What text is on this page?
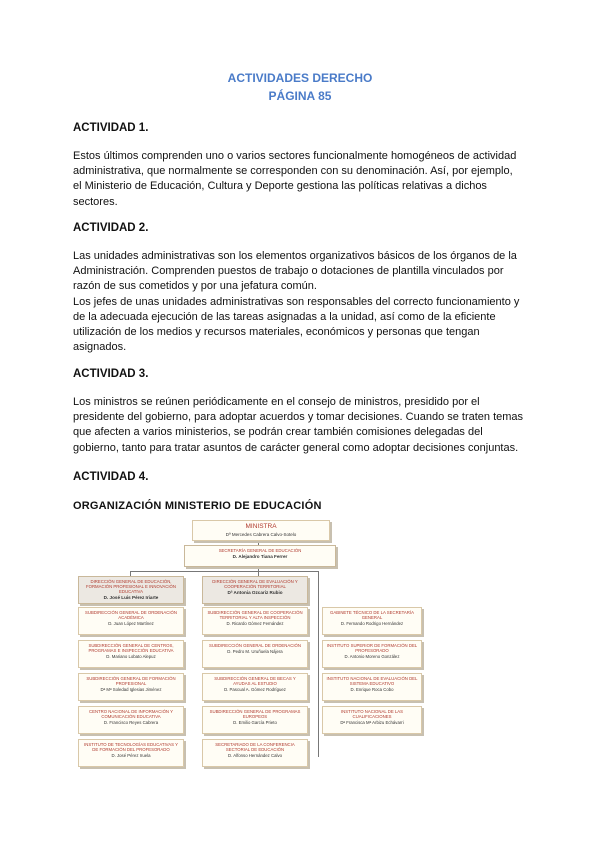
ACTIVIDADES DERECHO
PÁGINA 85
ACTIVIDAD 1.
Estos últimos comprenden uno o varios sectores funcionalmente homogéneos de actividad
administrativa, que normalmente se corresponden con su denominación. Así, por ejemplo,
el Ministerio de Educación, Cultura y Deporte gestiona las políticas relativas a dichos
sectores.
ACTIVIDAD 2.
Las unidades administrativas son los elementos organizativos básicos de los órganos de la
Administración. Comprenden puestos de trabajo o dotaciones de plantilla vinculados por
razón de sus cometidos y por una jefatura común.
Los jefes de unas unidades administrativas son responsables del correcto funcionamiento y
de la adecuada ejecución de las tareas asignadas a la unidad, así como de la eficiente
utilización de los medios y recursos materiales, económicos y personas que tengan
asignados.
ACTIVIDAD 3.
Los ministros se reúnen periódicamente en el consejo de ministros, presidido por el
presidente del gobierno, para adoptar acuerdos y tomar decisiones. Cuando se traten temas
que afecten a varios ministerios, se podrán crear también comisiones delegadas del
gobierno, tanto para tratar asuntos de carácter general como adoptar decisiones conjuntas.
ACTIVIDAD 4.
ORGANIZACIÓN MINISTERIO DE EDUCACIÓN
MINISTRA
Dª Mercedes Cabrera Calvo-Sotelo
SECRETARÍA GENERAL DE EDUCACIÓN
D. Alejandro Tiana Ferrer
DIRECCIÓN GENERAL DE EDUCACIÓN, FORMACIÓN PROFESIONAL E INNOVACIÓN EDUCATIVA
D. José Luis Pérez Iriarte
DIRECCIÓN GENERAL DE EVALUACIÓN Y COOPERACIÓN TERRITORIAL
Dª Antonia Ozcariz Rubio
SUBDIRECCIÓN GENERAL DE ORDENACIÓN ACADÉMICA
D. Juan López Martínez
SUBDIRECCIÓN GENERAL DE CENTROS, PROGRAMAS E INSPECCIÓN EDUCATIVA
D. Mariano Lobato Alepuz
SUBDIRECCIÓN GENERAL DE FORMACIÓN PROFESIONAL
Dª Mª Soledad Iglesias Jiménez
CENTRO NACIONAL DE INFORMACIÓN Y COMUNICACIÓN EDUCATIVA
D. Francisco Reyes Cabrera
INSTITUTO DE TECNOLOGÍAS EDUCATIVAS Y DE FORMACIÓN DEL PROFESORADO
D. José Pérez Iruela
SUBDIRECCIÓN GENERAL DE COOPERACIÓN TERRITORIAL Y ALTA INSPECCIÓN
D. Ricardo Gómez Fernández
SUBDIRECCIÓN GENERAL DE ORDENACIÓN
D. Pedro M. Uruñuela Nájera
SUBDIRECCIÓN GENERAL DE BECAS Y AYUDAS AL ESTUDIO
D. Pascual A. Gómez Rodríguez
SUBDIRECCIÓN GENERAL DE PROGRAMAS EUROPEOS
D. Emilio García Prieto
SECRETARIADO DE LA CONFERENCIA SECTORIAL DE EDUCACIÓN
D. Alfonso Hernández Calvo
GABINETE TÉCNICO DE LA SECRETARÍA GENERAL
D. Fernando Rodrigo Hernández
INSTITUTO SUPERIOR DE FORMACIÓN DEL PROFESORADO
D. Antonio Moreno González
INSTITUTO NACIONAL DE EVALUACIÓN DEL SISTEMA EDUCATIVO
D. Enrique Roca Cobo
INSTITUTO NACIONAL DE LAS CUALIFICACIONES
Dª Francisca Mª Arbizu Echávarri
